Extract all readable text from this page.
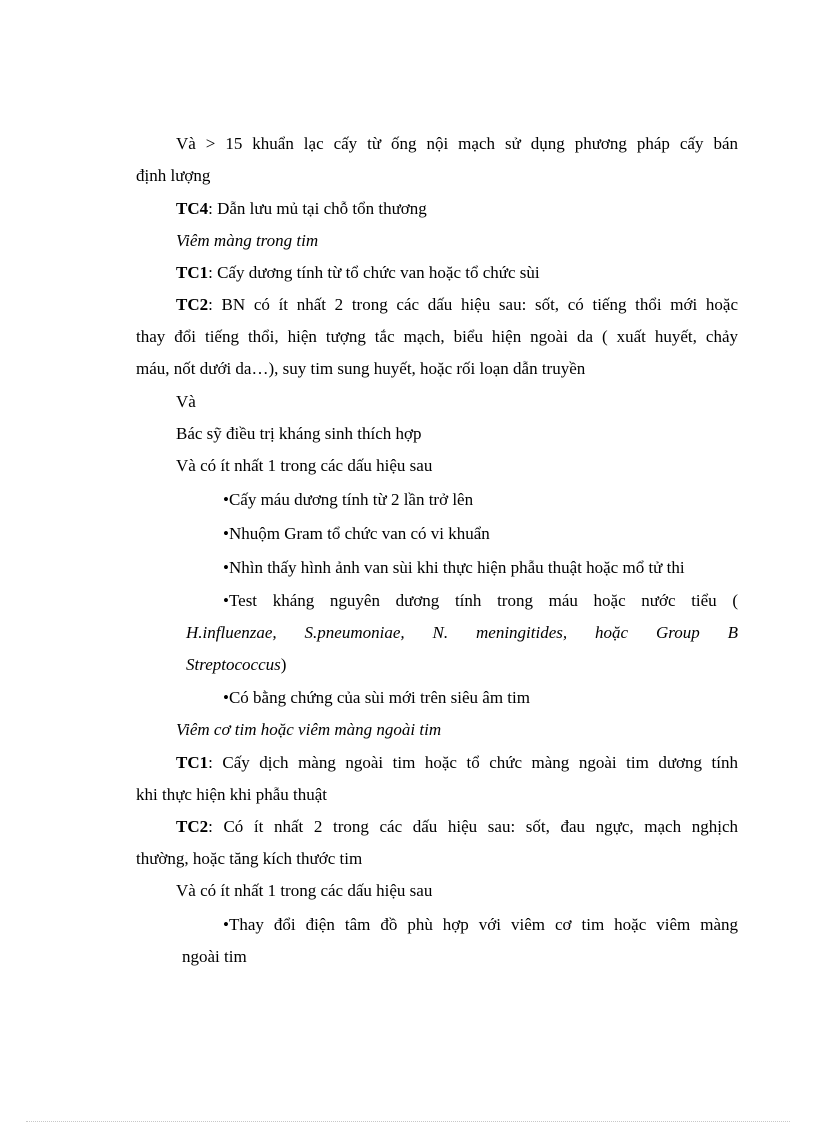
Và > 15 khuẩn lạc cấy từ ống nội mạch sử dụng phương pháp cấy bán
định lượng
TC4: Dẫn lưu mủ tại chỗ tổn thương
Viêm màng trong tim
TC1: Cấy dương tính từ tổ chức van hoặc tổ chức sùi
TC2: BN có ít nhất 2 trong các dấu hiệu sau: sốt, có tiếng thổi mới hoặc
thay đổi tiếng thổi, hiện tượng tắc mạch, biểu hiện ngoài da ( xuất huyết, chảy
máu, nốt dưới da…), suy tim sung huyết, hoặc rối loạn dẫn truyền
Và
Bác sỹ điều trị kháng sinh thích hợp
Và có ít nhất 1 trong các dấu hiệu sau
•Cấy máu dương tính từ 2 lần trở lên
•Nhuộm Gram tổ chức van có vi khuẩn
•Nhìn thấy hình ảnh van sùi khi thực hiện phẫu thuật hoặc mổ tử thi
•Test kháng nguyên dương tính trong máu hoặc nước tiểu (
H.influenzae, S.pneumoniae, N. meningitides, hoặc Group B
Streptococcus)
•Có bằng chứng của sùi mới trên siêu âm tim
Viêm cơ tim hoặc viêm màng ngoài tim
TC1: Cấy dịch màng ngoài tim hoặc tổ chức màng ngoài tim dương tính
khi thực hiện khi phẫu thuật
TC2: Có ít nhất 2 trong các dấu hiệu sau: sốt, đau ngực, mạch nghịch
thường, hoặc tăng kích thước tim
Và có ít nhất 1 trong các dấu hiệu sau
•Thay đổi điện tâm đồ phù hợp với viêm cơ tim hoặc viêm màng
ngoài tim
